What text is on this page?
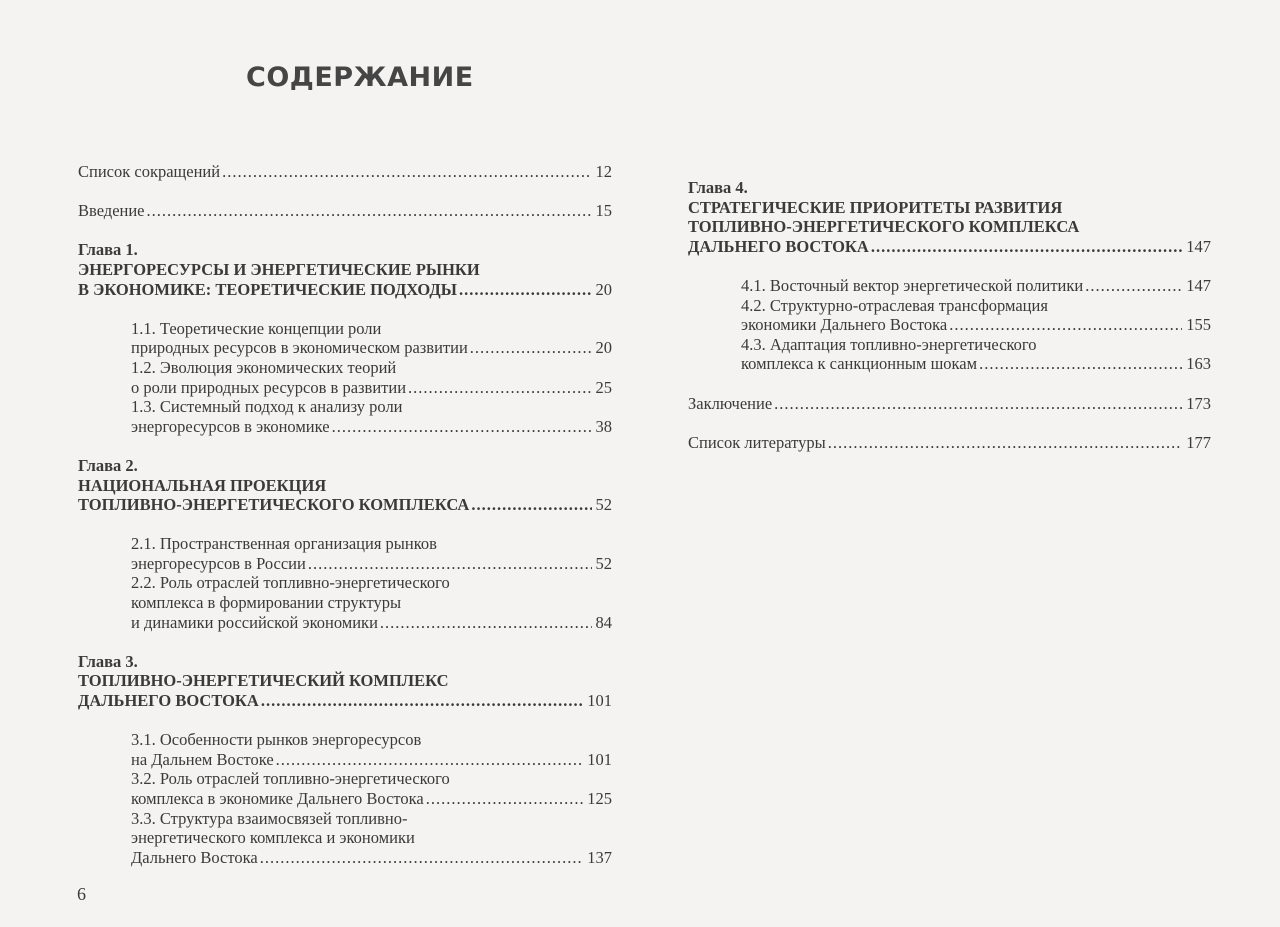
СОДЕРЖАНИЕ
Список сокращений .....	12
Введение .....	15
Глава 1.
ЭНЕРГОРЕСУРСЫ И ЭНЕРГЕТИЧЕСКИЕ РЫНКИ
В ЭКОНОМИКЕ: ТЕОРЕТИЧЕСКИЕ ПОДХОДЫ .....	20
1.1. Теоретические концепции роли
природных ресурсов в экономическом развитии .....	20
1.2. Эволюция экономических теорий
о роли природных ресурсов в развитии .....	25
1.3. Системный подход к анализу роли
энергоресурсов в экономике .....	38
Глава 2.
НАЦИОНАЛЬНАЯ ПРОЕКЦИЯ
ТОПЛИВНО-ЭНЕРГЕТИЧЕСКОГО КОМПЛЕКСА .....	52
2.1. Пространственная организация рынков
энергоресурсов в России .....	52
2.2. Роль отраслей топливно-энергетического
комплекса в формировании структуры
и динамики российской экономики .....	84
Глава 3.
ТОПЛИВНО-ЭНЕРГЕТИЧЕСКИЙ КОМПЛЕКС
ДАЛЬНЕГО ВОСТОКА .....	101
3.1. Особенности рынков энергоресурсов
на Дальнем Востоке .....	101
3.2. Роль отраслей топливно-энергетического
комплекса в экономике Дальнего Востока .....	125
3.3. Структура взаимосвязей топливно-
энергетического комплекса и экономики
Дальнего Востока .....	137
Глава 4.
СТРАТЕГИЧЕСКИЕ ПРИОРИТЕТЫ РАЗВИТИЯ
ТОПЛИВНО-ЭНЕРГЕТИЧЕСКОГО КОМПЛЕКСА
ДАЛЬНЕГО ВОСТОКА .....	147
4.1. Восточный вектор энергетической политики .....	147
4.2. Структурно-отраслевая трансформация
экономики Дальнего Востока .....	155
4.3. Адаптация топливно-энергетического
комплекса к санкционным шокам .....	163
Заключение .....	173
Список литературы .....	177

6
